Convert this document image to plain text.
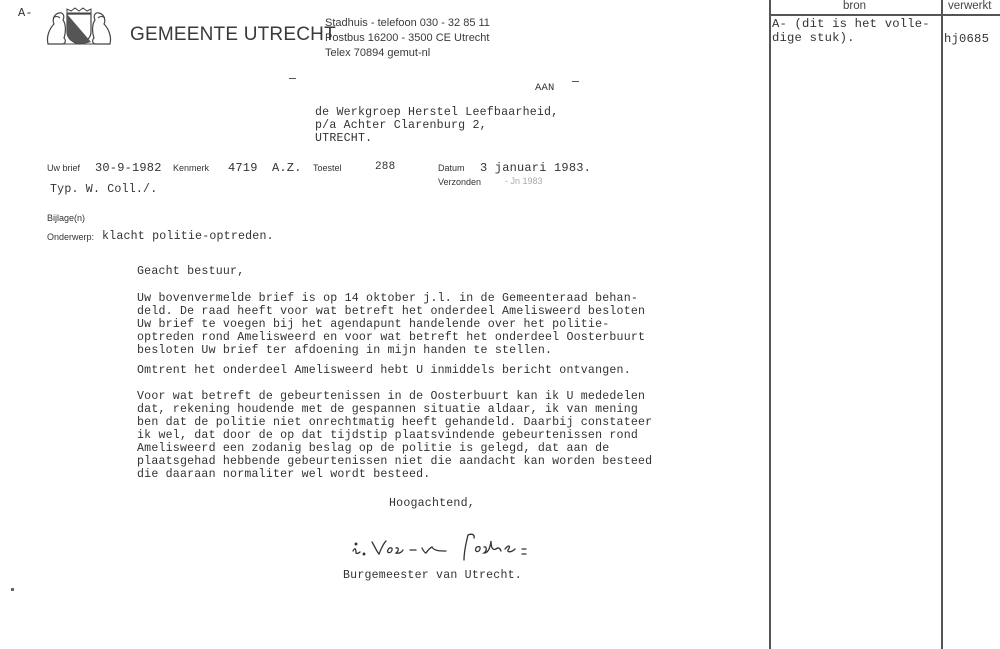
A-
GEMEENTE UTRECHT
Stadhuis - telefoon 030 - 32 85 11
Postbus 16200 - 3500 CE Utrecht
Telex 70894 gemut-nl
AAN
de Werkgroep Herstel Leefbaarheid,
p/a Achter Clarenburg 2,
UTRECHT.
Uw brief 30-9-1982 Kenmerk 4719 A.Z. Toestel	288	Datum 3 januari 1983.
Verzonden	- Jn 1983
Typ. W. Coll./.
Bijlage(n)
Onderwerp: klacht politie-optreden.
Geacht bestuur,
Uw bovenvermelde brief is op 14 oktober j.l. in de Gemeenteraad behan-
deld. De raad heeft voor wat betreft het onderdeel Amelisweerd besloten
Uw brief te voegen bij het agendapunt handelende over het politie-
optreden rond Amelisweerd en voor wat betreft het onderdeel Oosterbuurt
besloten Uw brief ter afdoening in mijn handen te stellen.
Omtrent het onderdeel Amelisweerd hebt U inmiddels bericht ontvangen.
Voor wat betreft de gebeurtenissen in de Oosterbuurt kan ik U mededelen
dat, rekening houdende met de gespannen situatie aldaar, ik van mening
ben dat de politie niet onrechtmatig heeft gehandeld. Daarbij constateer
ik wel, dat door de op dat tijdstip plaatsvindende gebeurtenissen rond
Amelisweerd een zodanig beslag op de politie is gelegd, dat aan de
plaatsgehad hebbende gebeurtenissen niet die aandacht kan worden besteed
die daaraan normaliter wel wordt besteed.
Hoogachtend,
Burgemeester van Utrecht.
bron	verwerkt
A- (dit is het volle-
dige stuk).	hj0685
